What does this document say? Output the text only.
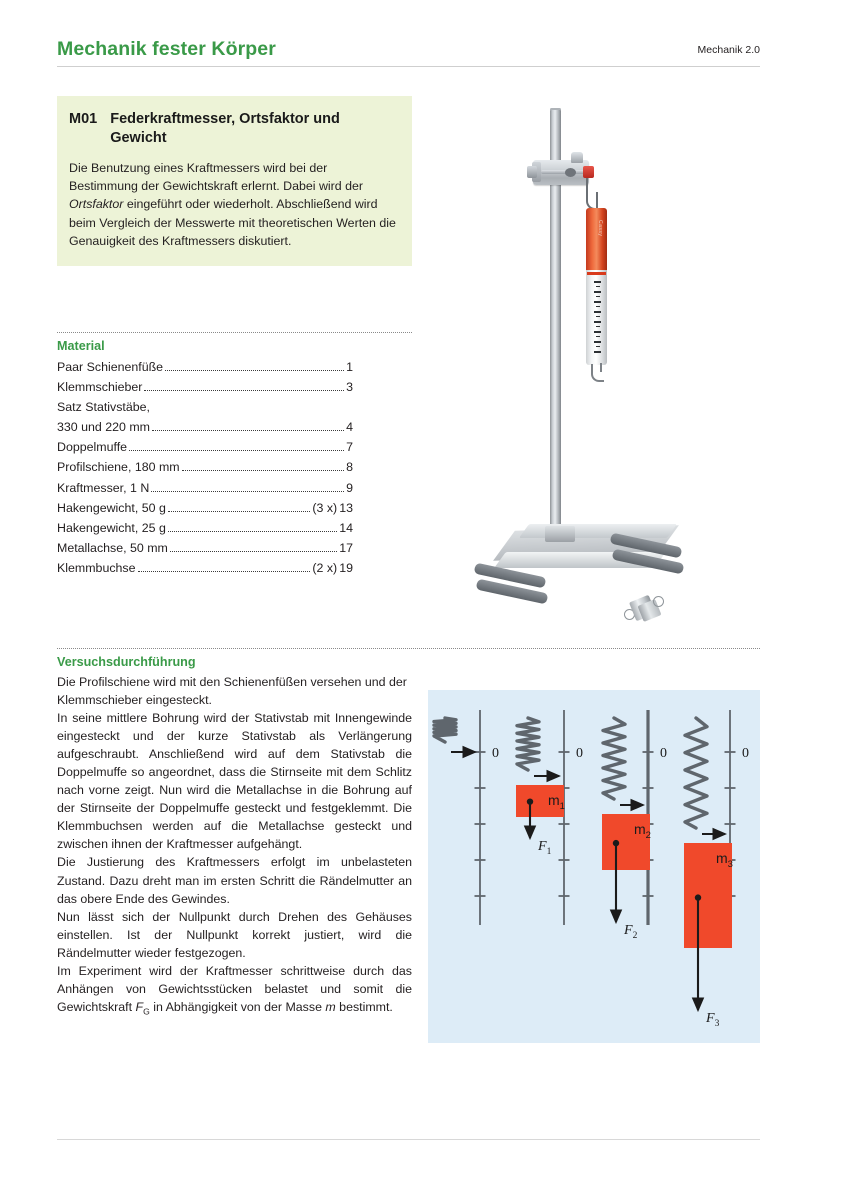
Mechanik fester Körper	Mechanik 2.0
M01 Federkraftmesser, Ortsfaktor und Gewicht
Die Benutzung eines Kraftmessers wird bei der Bestimmung der Gewichtskraft erlernt. Dabei wird der Ortsfaktor eingeführt oder wiederholt. Abschließend wird beim Vergleich der Messwerte mit theoretischen Werten die Genauigkeit des Kraftmessers diskutiert.
Material
Paar Schienenfüße	1
Klemmschieber	3
Satz Stativstäbe,
330 und 220 mm	4
Doppelmuffe	7
Profilschiene, 180 mm	8
Kraftmesser, 1 N	9
Hakengewicht, 50 g	(3 x) 13
Hakengewicht, 25 g	14
Metallachse, 50 mm	17
Klemmbuchse	(2 x) 19
Versuchsdurchführung

Die Profilschiene wird mit den Schienenfüßen versehen und der Klemmschieber eingesteckt.

In seine mittlere Bohrung wird der Stativstab mit Innengewinde eingesteckt und der kurze Stativstab als Verlängerung aufgeschraubt. Anschließend wird auf dem Stativstab die Doppelmuffe so angeordnet, dass die Stirnseite mit dem Schlitz nach vorne zeigt. Nun wird die Metallachse in die Bohrung auf der Stirnseite der Doppelmuffe gesteckt und festgeklemmt. Die Klemmbuchsen werden auf die Metallachse gesteckt und zwischen ihnen der Kraftmesser aufgehängt.

Die Justierung des Kraftmessers erfolgt im unbelasteten Zustand. Dazu dreht man im ersten Schritt die Rändelmutter an das obere Ende des Gewindes.

Nun lässt sich der Nullpunkt durch Drehen des Gehäuses einstellen. Ist der Nullpunkt korrekt justiert, wird die Rändelmutter wieder festgezogen.

Im Experiment wird der Kraftmesser schrittweise durch das Anhängen von Gewichtsstücken belastet und somit die Gewichtskraft $F_G$ in Abhängigkeit von der Masse m bestimmt.

Cassy
0	0
$m_1$
$F_1$
0
$m_2$
$F_2$
0
$m_3$
$F_3$
